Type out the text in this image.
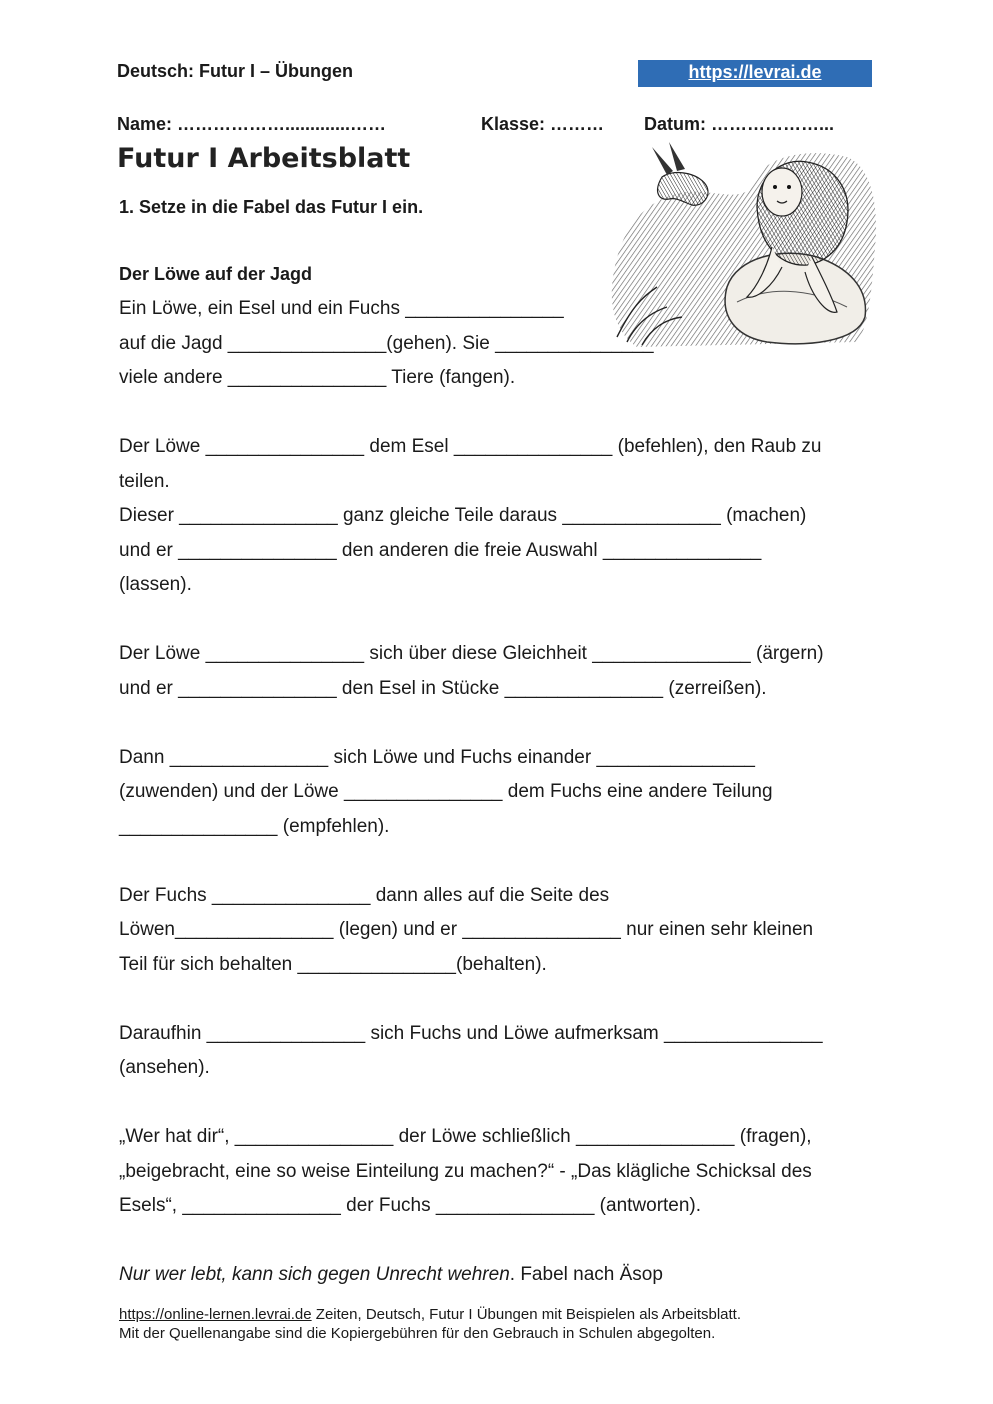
Deutsch: Futur I – Übungen	https://levrai.de
Name: ……………….............……	Klasse: ……… Datum: ………………...
Futur I Arbeitsblatt
1. Setze in die Fabel das Futur I ein.
Der Löwe auf der Jagd
Ein Löwe, ein Esel und ein Fuchs _______________
auf die Jagd _______________(gehen). Sie _______________
viele andere _______________ Tiere (fangen).
Der Löwe _______________ dem Esel _______________ (befehlen), den Raub zu
teilen.
Dieser _______________ ganz gleiche Teile daraus _______________ (machen)
und er _______________ den anderen die freie Auswahl _______________
(lassen).
Der Löwe _______________ sich über diese Gleichheit _______________ (ärgern)
und er _______________ den Esel in Stücke _______________ (zerreißen).
Dann _______________ sich Löwe und Fuchs einander _______________
(zuwenden) und der Löwe _______________ dem Fuchs eine andere Teilung
_______________ (empfehlen).
Der Fuchs _______________ dann alles auf die Seite des
Löwen_______________ (legen) und er _______________ nur einen sehr kleinen
Teil für sich behalten _______________(behalten).
Daraufhin _______________ sich Fuchs und Löwe aufmerksam _______________
(ansehen).
„Wer hat dir“, _______________ der Löwe schließlich _______________ (fragen),
„beigebracht, eine so weise Einteilung zu machen?“ - „Das klägliche Schicksal des
Esels“, _______________ der Fuchs _______________ (antworten).
Nur wer lebt, kann sich gegen Unrecht wehren. Fabel nach Äsop
https://online-lernen.levrai.de Zeiten, Deutsch, Futur I Übungen mit Beispielen als Arbeitsblatt.
Mit der Quellenangabe sind die Kopiergebühren für den Gebrauch in Schulen abgegolten.
